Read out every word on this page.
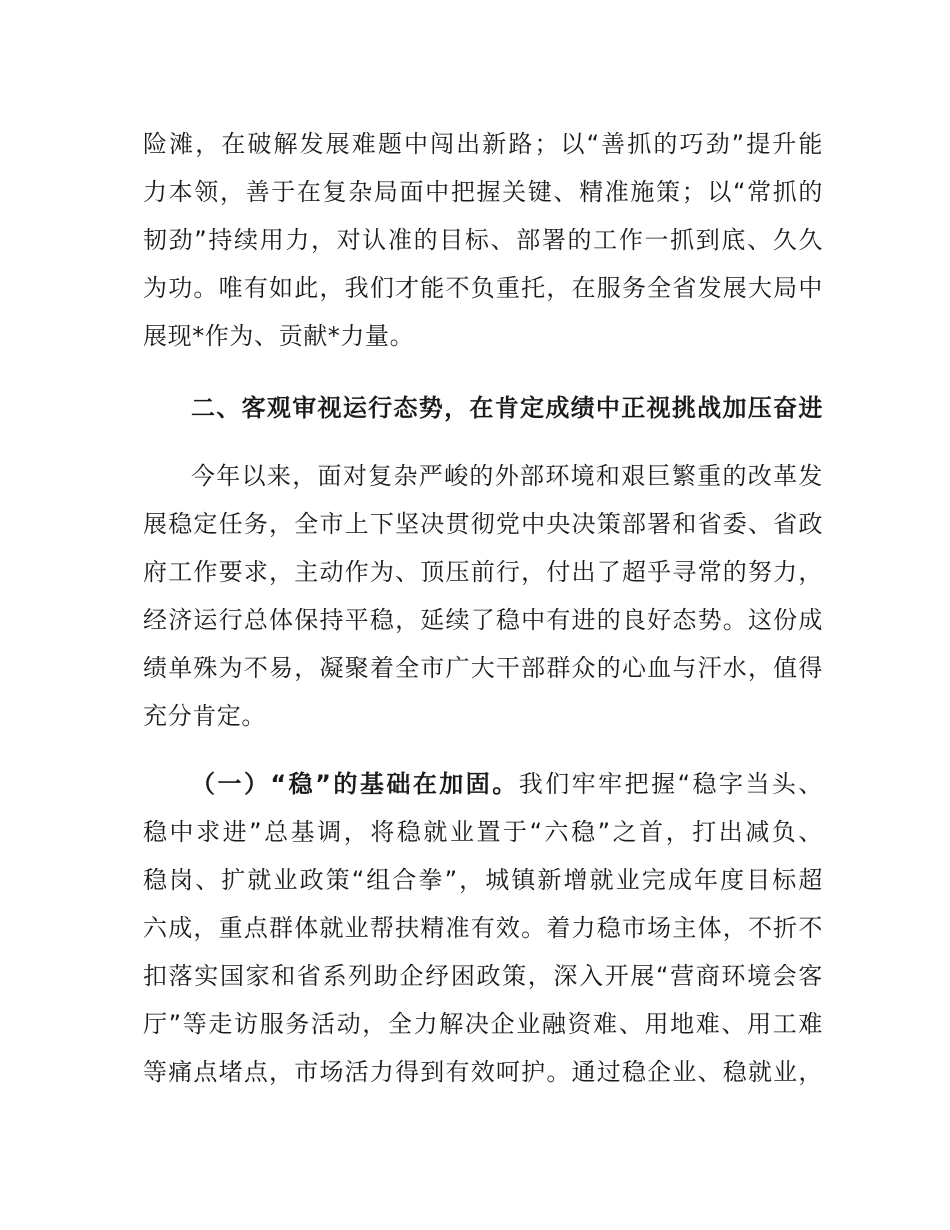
险滩，在破解发展难题中闯出新路；以“善抓的巧劲”提升能
力本领，善于在复杂局面中把握关键、精准施策；以“常抓的
韧劲”持续用力，对认准的目标、部署的工作一抓到底、久久
为功。唯有如此，我们才能不负重托，在服务全省发展大局中
展现*作为、贡献*力量。
二、客观审视运行态势，在肯定成绩中正视挑战加压奋进
今年以来，面对复杂严峻的外部环境和艰巨繁重的改革发
展稳定任务，全市上下坚决贯彻党中央决策部署和省委、省政
府工作要求，主动作为、顶压前行，付出了超乎寻常的努力，
经济运行总体保持平稳，延续了稳中有进的良好态势。这份成
绩单殊为不易，凝聚着全市广大干部群众的心血与汗水，值得
充分肯定。
（一）“稳”的基础在加固。我们牢牢把握“稳字当头、
稳中求进”总基调，将稳就业置于“六稳”之首，打出减负、
稳岗、扩就业政策“组合拳”，城镇新增就业完成年度目标超
六成，重点群体就业帮扶精准有效。着力稳市场主体，不折不
扣落实国家和省系列助企纾困政策，深入开展“营商环境会客
厅”等走访服务活动，全力解决企业融资难、用地难、用工难
等痛点堵点，市场活力得到有效呵护。通过稳企业、稳就业，
